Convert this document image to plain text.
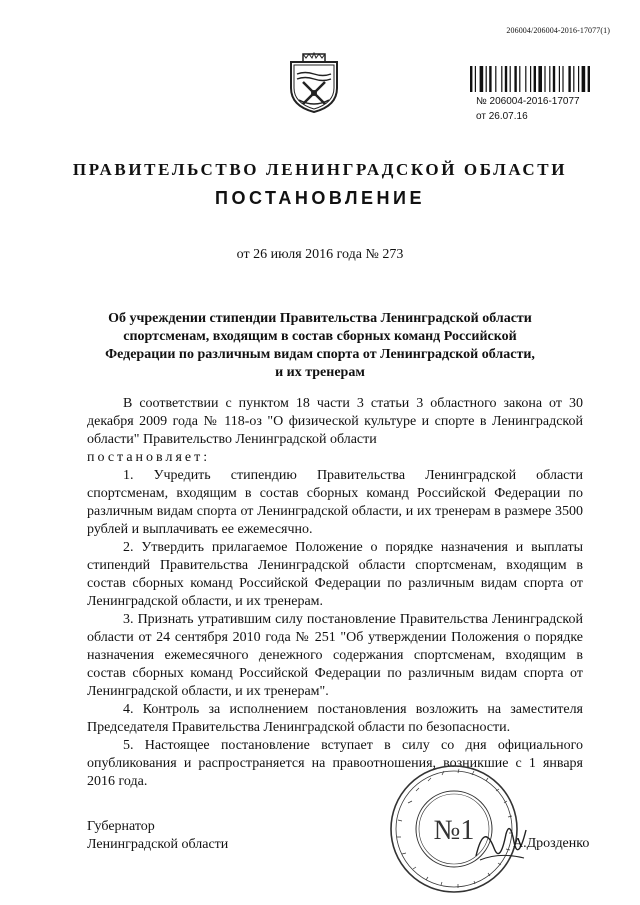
206004/206004-2016-17077(1)
№ 206004-2016-17077
от 26.07.16
ПРАВИТЕЛЬСТВО ЛЕНИНГРАДСКОЙ ОБЛАСТИ
ПОСТАНОВЛЕНИЕ
от 26 июля 2016 года № 273
Об учреждении стипендии Правительства Ленинградской области спортсменам, входящим в состав сборных команд Российской Федерации по различным видам спорта от Ленинградской области, и их тренерам

В соответствии с пунктом 18 части 3 статьи 3 областного закона от 30 декабря 2009 года № 118-оз "О физической культуре и спорте в Ленинградской области" Правительство Ленинградской области

постановляет:

1. Учредить стипендию Правительства Ленинградской области спортсменам, входящим в состав сборных команд Российской Федерации по различным видам спорта от Ленинградской области, и их тренерам в размере 3500 рублей и выплачивать ее ежемесячно.

2. Утвердить прилагаемое Положение о порядке назначения и выплаты стипендий Правительства Ленинградской области спортсменам, входящим в состав сборных команд Российской Федерации по различным видам спорта от Ленинградской области, и их тренерам.

3. Признать утратившим силу постановление Правительства Ленинградской области от 24 сентября 2010 года № 251 "Об утверждении Положения о порядке назначения ежемесячного денежного содержания спортсменам, входящим в состав сборных команд Российской Федерации по различным видам спорта от Ленинградской области, и их тренерам".

4. Контроль за исполнением постановления возложить на заместителя Председателя Правительства Ленинградской области по безопасности.

5. Настоящее постановление вступает в силу со дня официального опубликования и распространяется на правоотношения, возникшие с 1 января 2016 года.

Губернатор
Ленинградской области	№1	А.Дрозденко
